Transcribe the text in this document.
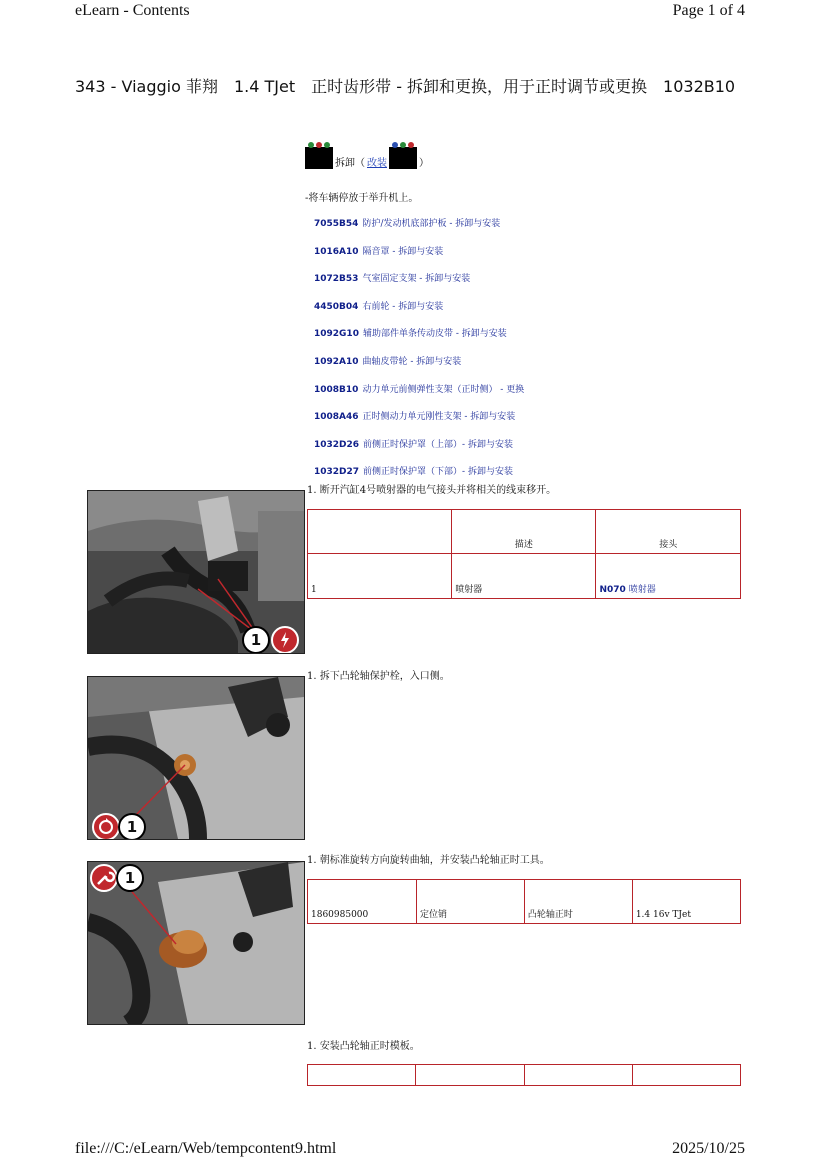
eLearn - Contents	Page 1 of 4
343 - Viaggio 菲翔　1.4 TJet　正时齿形带 - 拆卸和更换，用于正时调节或更换　1032B10
拆卸（ 改装	）
-将车辆停放于举升机上。
7055B54 防护/发动机底部护板 - 拆卸与安装
1016A10 隔音罩 - 拆卸与安装
1072B53 气室固定支架 - 拆卸与安装
4450B04 右前轮 - 拆卸与安装
1092G10 辅助部件单条传动皮带 - 拆卸与安装
1092A10 曲轴皮带轮 - 拆卸与安装
1008B10 动力单元前侧弹性支架（正时侧） - 更换
1008A46 正时侧动力单元刚性支架 - 拆卸与安装
1032D26 前侧正时保护罩（上部）- 拆卸与安装
1032D27 前侧正时保护罩（下部）- 拆卸与安装
1
1. 断开汽缸4号喷射器的电气接头并将相关的线束移开。
	描述	接头
1	喷射器	N070 喷射器
1
1. 拆下凸轮轴保护栓，入口侧。
1
1. 朝标准旋转方向旋转曲轴，并安装凸轮轴正时工具。
1860985000	定位销	凸轮轴正时	1.4 16v TJet
1. 安装凸轮轴正时模板。

file:///C:/eLearn/Web/tempcontent9.html	2025/10/25
